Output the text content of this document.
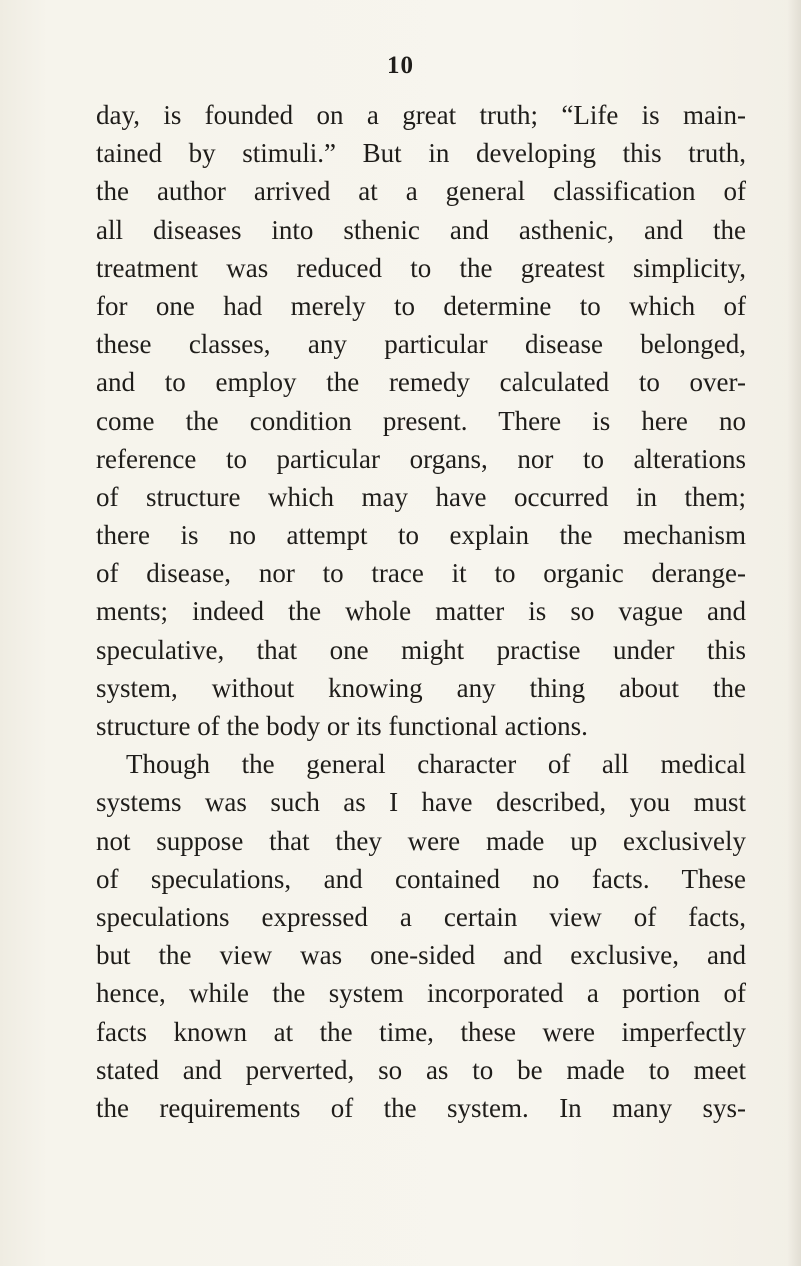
10
day, is founded on a great truth; “Life is main-
tained by stimuli.” But in developing this truth,
the author arrived at a general classification of
all diseases into sthenic and asthenic, and the
treatment was reduced to the greatest simplicity,
for one had merely to determine to which of
these classes, any particular disease belonged,
and to employ the remedy calculated to over-
come the condition present. There is here no
reference to particular organs, nor to alterations
of structure which may have occurred in them;
there is no attempt to explain the mechanism
of disease, nor to trace it to organic derange-
ments; indeed the whole matter is so vague and
speculative, that one might practise under this
system, without knowing any thing about the
structure of the body or its functional actions.
Though the general character of all medical
systems was such as I have described, you must
not suppose that they were made up exclusively
of speculations, and contained no facts. These
speculations expressed a certain view of facts,
but the view was one-sided and exclusive, and
hence, while the system incorporated a portion of
facts known at the time, these were imperfectly
stated and perverted, so as to be made to meet
the requirements of the system. In many sys-
